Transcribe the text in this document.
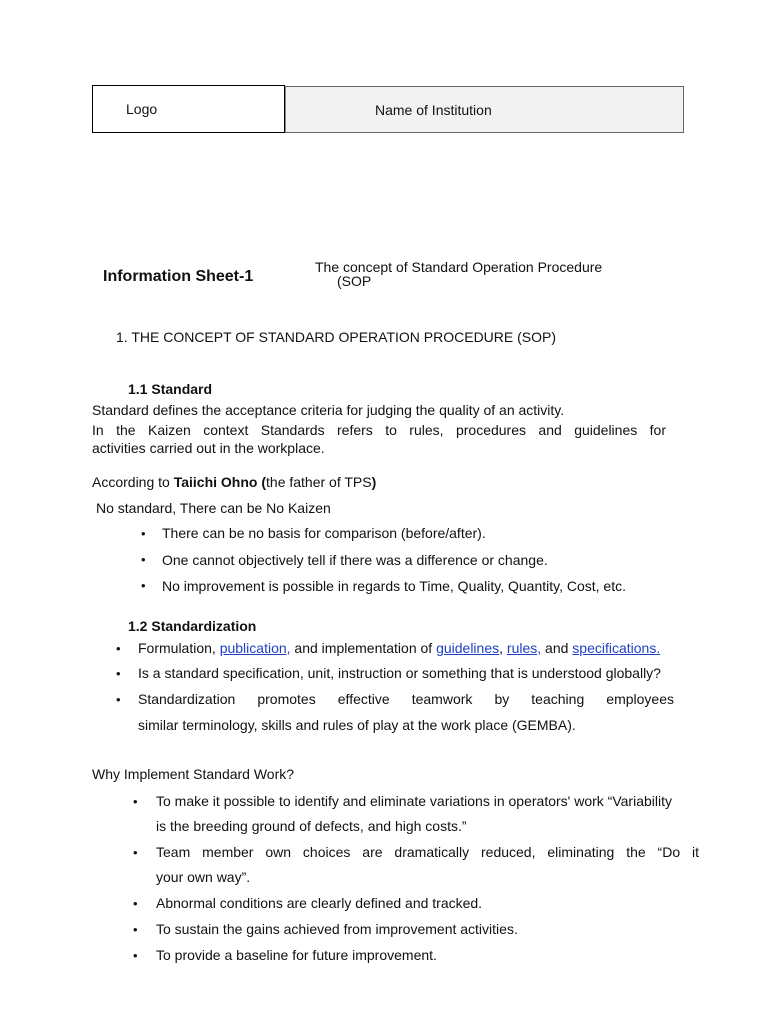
Logo	Name of Institution
Information Sheet-1
The concept of Standard Operation Procedure
(SOP
1. THE CONCEPT OF STANDARD OPERATION PROCEDURE (SOP)
1.1 Standard
Standard defines the acceptance criteria for judging the quality of an activity.
In the Kaizen context Standards refers to rules, procedures and guidelines for
activities carried out in the workplace.
According to Taiichi Ohno (the father of TPS)
No standard, There can be No Kaizen
• There can be no basis for comparison (before/after).
• One cannot objectively tell if there was a difference or change.
• No improvement is possible in regards to Time, Quality, Quantity, Cost, etc.
1.2 Standardization
• Formulation, publication, and implementation of guidelines, rules, and specifications.
• Is a standard specification, unit, instruction or something that is understood globally?
• Standardization promotes effective teamwork by teaching employees
similar terminology, skills and rules of play at the work place (GEMBA).
Why Implement Standard Work?
• To make it possible to identify and eliminate variations in operators' work “Variability
is the breeding ground of defects, and high costs.”
• Team member own choices are dramatically reduced, eliminating the “Do it
your own way”.
• Abnormal conditions are clearly defined and tracked.
• To sustain the gains achieved from improvement activities.
• To provide a baseline for future improvement.
